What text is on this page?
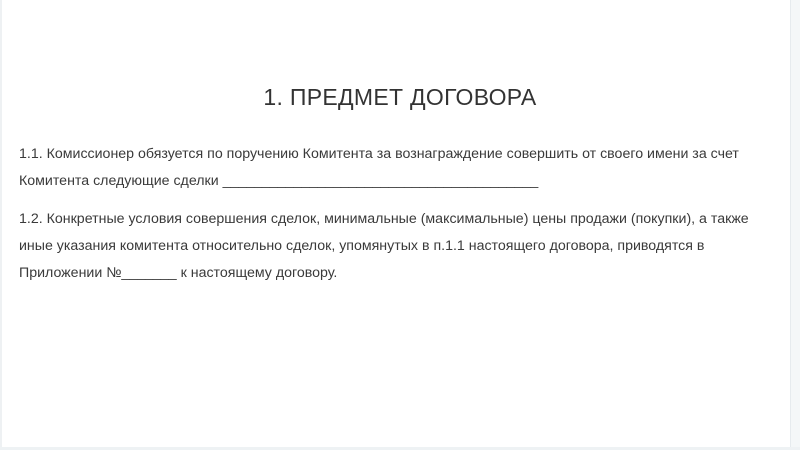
1. ПРЕДМЕТ ДОГОВОРА

1.1. Комиссионер обязуется по поручению Комитента за вознаграждение совершить от своего имени за счет
Комитента следующие сделки ________________________________________

1.2. Конкретные условия совершения сделок, минимальные (максимальные) цены продажи (покупки), а также
иные указания комитента относительно сделок, упомянутых в п.1.1 настоящего договора, приводятся в
Приложении №_______ к настоящему договору.
